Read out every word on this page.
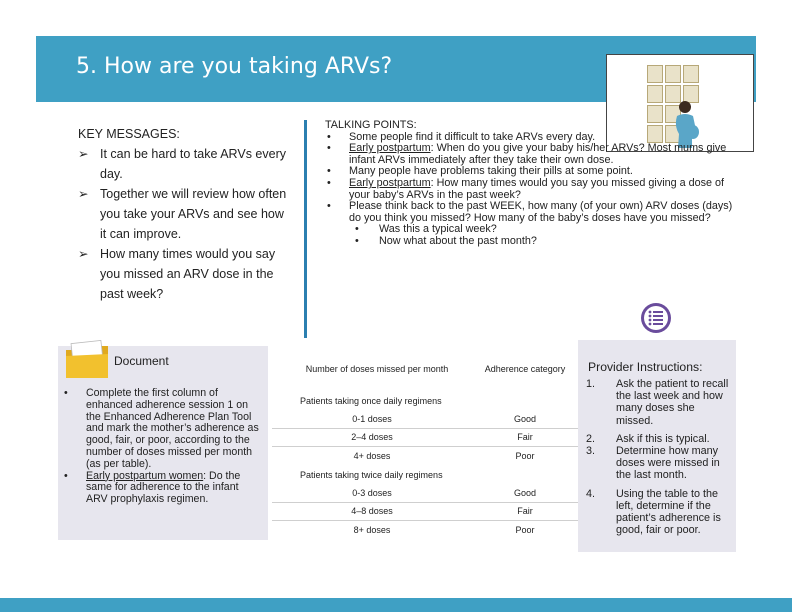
5. How are you taking ARVs?
KEY MESSAGES:
➢ It can be hard to take ARVs every day.
➢ Together we will review how often you take your ARVs and see how it can improve.
➢ How many times would you say you missed an ARV dose in the past week?
TALKING POINTS:
•	Some people find it difficult to take ARVs every day.
•	Early postpartum: When do you give your baby his/her ARVs? Most mums give infant ARVs immediately after they take their own dose.
•	Many people have problems taking their pills at some point.
•	Early postpartum: How many times would you say you missed giving a dose of your baby’s ARVs in the past week?
•	Please think back to the past WEEK, how many (of your own) ARV doses (days) do you think you missed? How many of the baby’s doses have you missed?
•	Was this a typical week?
•	Now what about the past month?
Document
•	Complete the first column of enhanced adherence session 1 on the Enhanced Adherence Plan Tool and mark the mother’s adherence as good, fair, or poor, according to the number of doses missed per month (as per table).
•	Early postpartum women: Do the same for adherence to the infant ARV prophylaxis regimen.
Number of doses missed per month	Adherence category
Patients taking once daily regimens
0-1 doses	Good
2–4 doses	Fair
4+ doses	Poor
Patients taking twice daily regimens
0-3 doses	Good
4–8 doses	Fair
8+ doses	Poor
Provider Instructions:
1.	Ask the patient to recall the last week and how many doses she missed.
2.	Ask if this is typical.
3.	Determine how many doses were missed in the last month.
4.	Using the table to the left, determine if the patient’s adherence is good, fair or poor.
